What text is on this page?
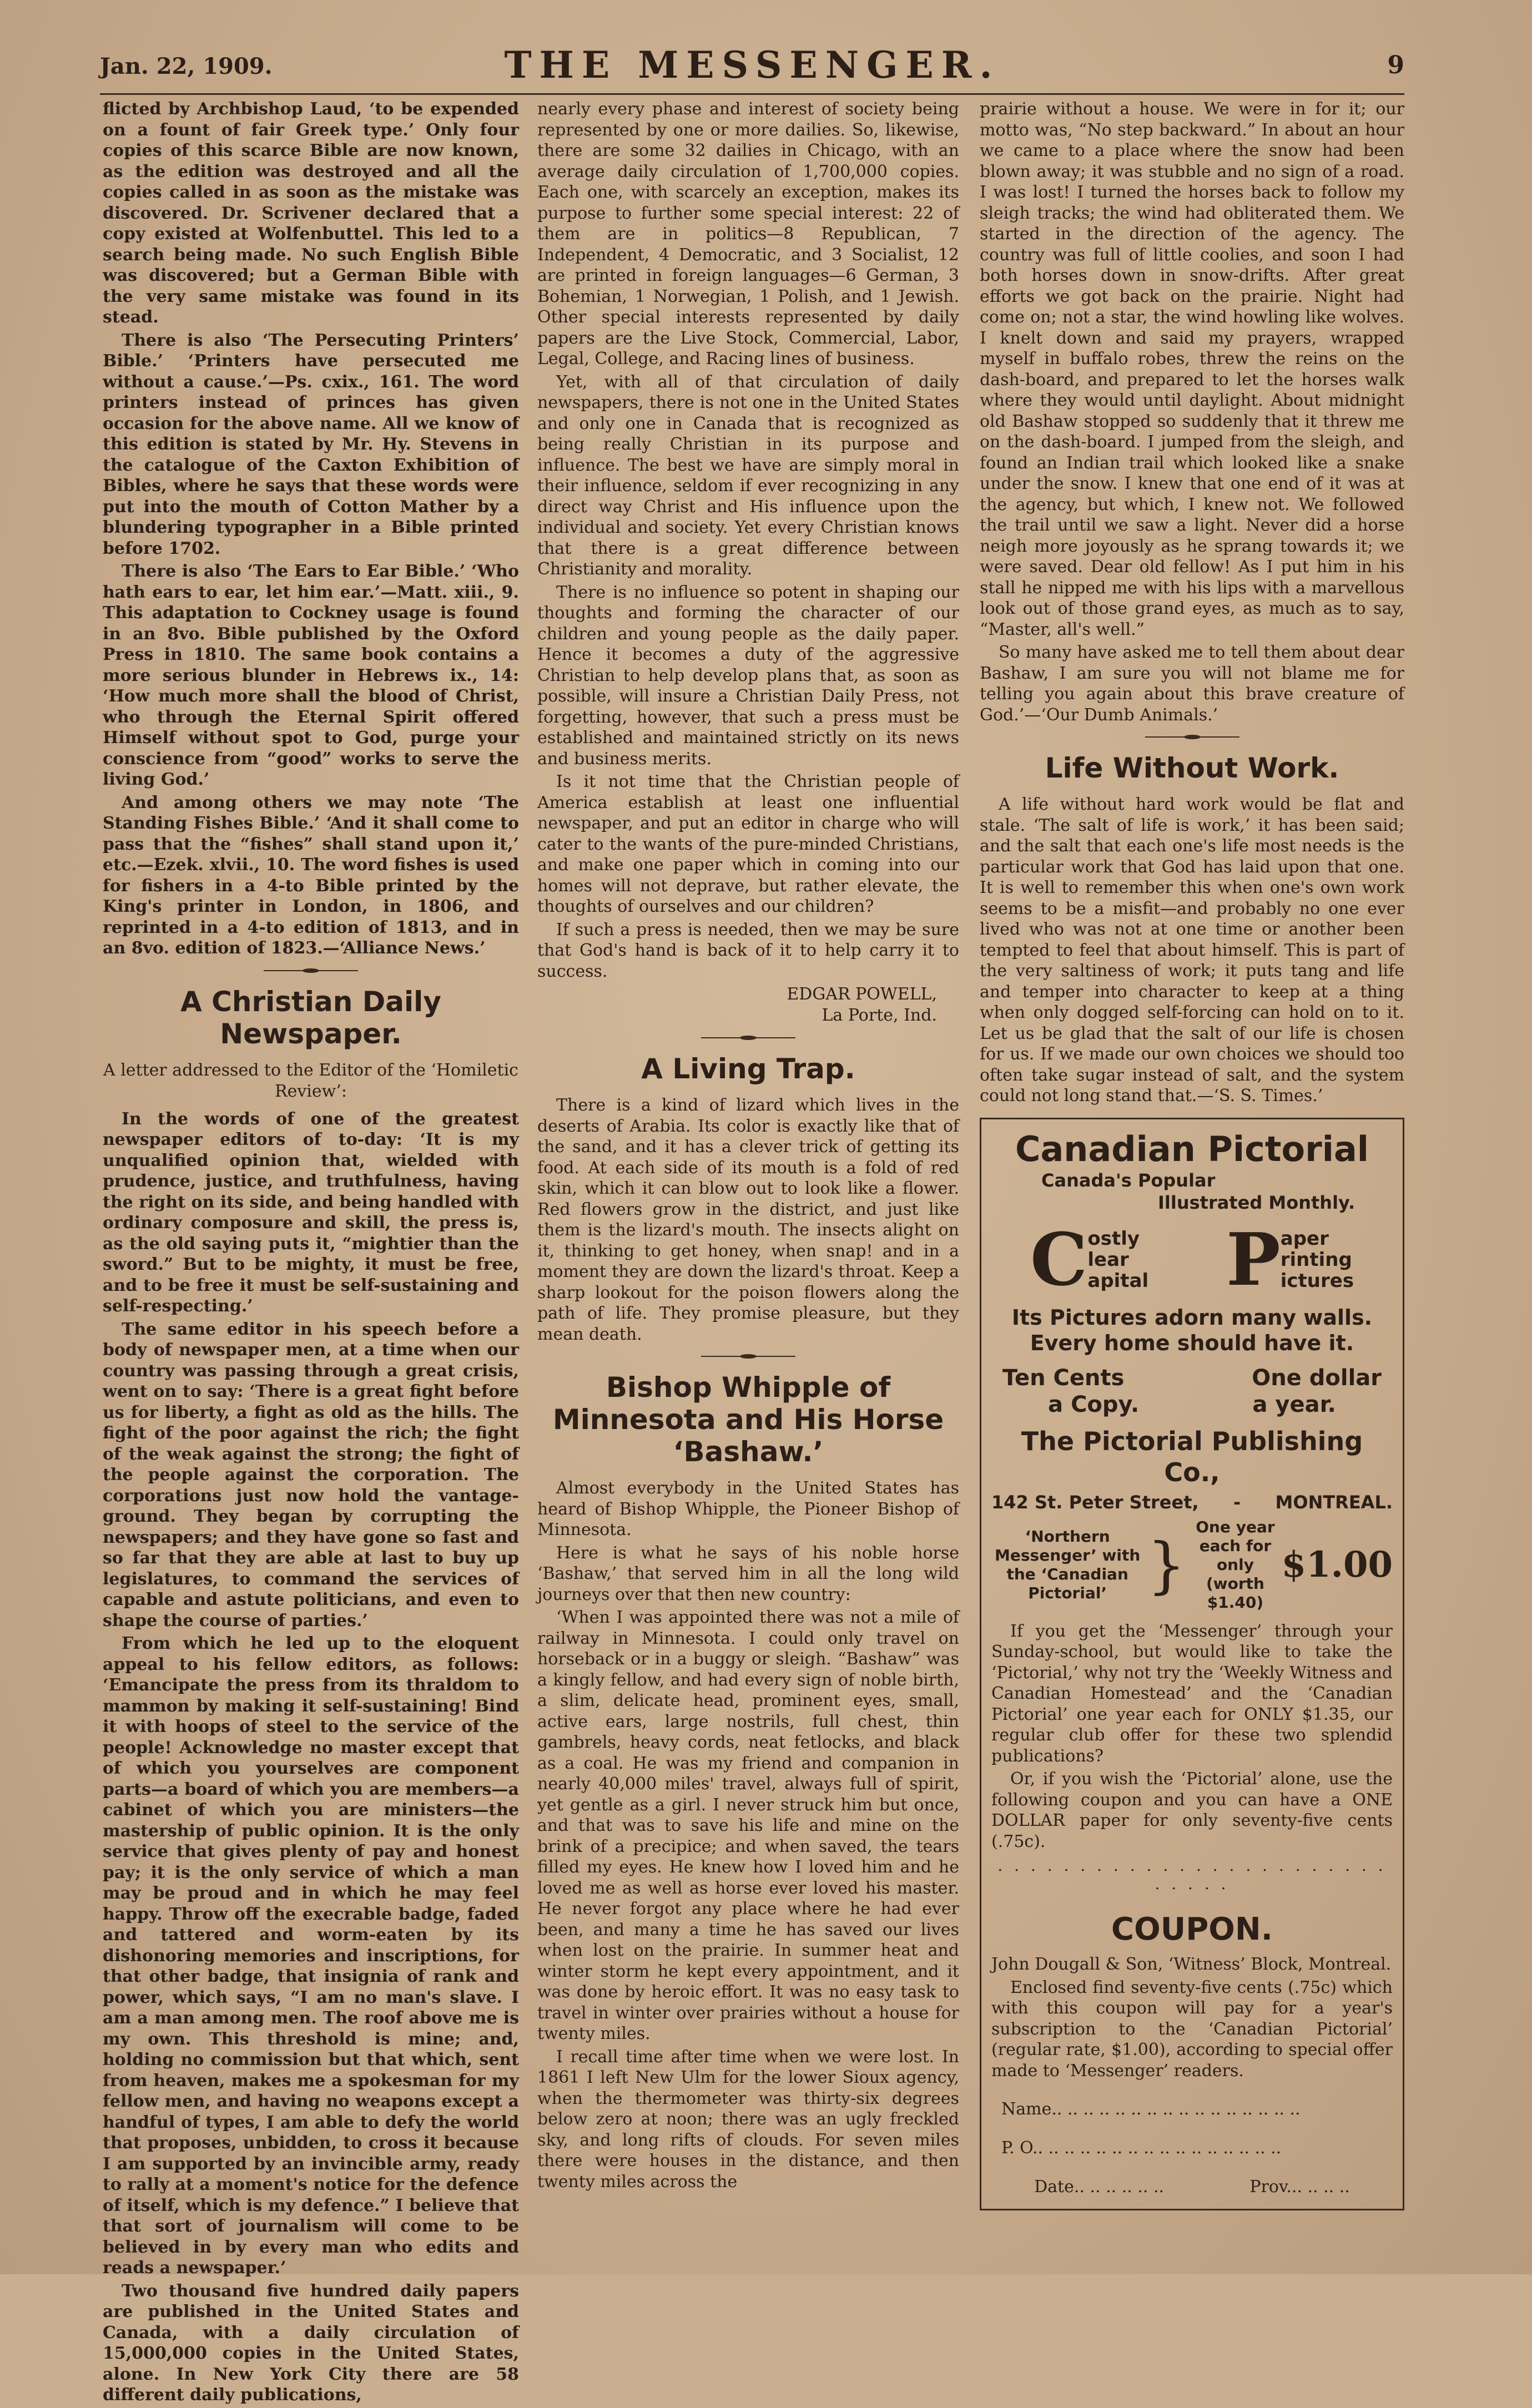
Jan. 22, 1909.	THE MESSENGER.	9

flicted by Archbishop Laud, ‘to be expended on a fount of fair Greek type.’ Only four copies of this scarce Bible are now known, as the edition was destroyed and all the copies called in as soon as the mistake was discovered. Dr. Scrivener declared that a copy existed at Wolfenbuttel. This led to a search being made. No such English Bible was discovered; but a German Bible with the very same mistake was found in its stead.

There is also ‘The Persecuting Printers’ Bible.’ ‘Printers have persecuted me without a cause.’—Ps. cxix., 161. The word printers instead of princes has given occasion for the above name. All we know of this edition is stated by Mr. Hy. Stevens in the catalogue of the Caxton Exhibition of Bibles, where he says that these words were put into the mouth of Cotton Mather by a blundering typographer in a Bible printed before 1702.

There is also ‘The Ears to Ear Bible.’ ‘Who hath ears to ear, let him ear.’—Matt. xiii., 9. This adaptation to Cockney usage is found in an 8vo. Bible published by the Oxford Press in 1810. The same book contains a more serious blunder in Hebrews ix., 14: ‘How much more shall the blood of Christ, who through the Eternal Spirit offered Himself without spot to God, purge your conscience from “good” works to serve the living God.’

And among others we may note ‘The Standing Fishes Bible.’ ‘And it shall come to pass that the “fishes” shall stand upon it,’ etc.—Ezek. xlvii., 10. The word fishes is used for fishers in a 4-to Bible printed by the King's printer in London, in 1806, and reprinted in a 4-to edition of 1813, and in an 8vo. edition of 1823.—‘Alliance News.’

A Christian Daily Newspaper.
A letter addressed to the Editor of the ‘Homiletic Review’:

In the words of one of the greatest newspaper editors of to-day: ‘It is my unqualified opinion that, wielded with prudence, justice, and truthfulness, having the right on its side, and being handled with ordinary composure and skill, the press is, as the old saying puts it, “mightier than the sword.” But to be mighty, it must be free, and to be free it must be self-sustaining and self-respecting.’

The same editor in his speech before a body of newspaper men, at a time when our country was passing through a great crisis, went on to say: ‘There is a great fight before us for liberty, a fight as old as the hills. The fight of the poor against the rich; the fight of the weak against the strong; the fight of the people against the corporation. The corporations just now hold the vantage-ground. They began by corrupting the newspapers; and they have gone so fast and so far that they are able at last to buy up legislatures, to command the services of capable and astute politicians, and even to shape the course of parties.’

From which he led up to the eloquent appeal to his fellow editors, as follows: ‘Emancipate the press from its thraldom to mammon by making it self-sustaining! Bind it with hoops of steel to the service of the people! Acknowledge no master except that of which you yourselves are component parts—a board of which you are members—a cabinet of which you are ministers—the mastership of public opinion. It is the only service that gives plenty of pay and honest pay; it is the only service of which a man may be proud and in which he may feel happy. Throw off the execrable badge, faded and tattered and worm-eaten by its dishonoring memories and inscriptions, for that other badge, that insignia of rank and power, which says, “I am no man's slave. I am a man among men. The roof above me is my own. This threshold is mine; and, holding no commission but that which, sent from heaven, makes me a spokesman for my fellow men, and having no weapons except a handful of types, I am able to defy the world that proposes, unbidden, to cross it because I am supported by an invincible army, ready to rally at a moment's notice for the defence of itself, which is my defence.” I believe that that sort of journalism will come to be believed in by every man who edits and reads a newspaper.’

Two thousand five hundred daily papers are published in the United States and Canada, with a daily circulation of 15,000,000 copies in the United States, alone. In New York City there are 58 different daily publications,

nearly every phase and interest of society being represented by one or more dailies. So, likewise, there are some 32 dailies in Chicago, with an average daily circulation of 1,700,000 copies. Each one, with scarcely an exception, makes its purpose to further some special interest: 22 of them are in politics—8 Republican, 7 Independent, 4 Democratic, and 3 Socialist, 12 are printed in foreign languages—6 German, 3 Bohemian, 1 Norwegian, 1 Polish, and 1 Jewish. Other special interests represented by daily papers are the Live Stock, Commercial, Labor, Legal, College, and Racing lines of business.

Yet, with all of that circulation of daily newspapers, there is not one in the United States and only one in Canada that is recognized as being really Christian in its purpose and influence. The best we have are simply moral in their influence, seldom if ever recognizing in any direct way Christ and His influence upon the individual and society. Yet every Christian knows that there is a great difference between Christianity and morality.

There is no influence so potent in shaping our thoughts and forming the character of our children and young people as the daily paper. Hence it becomes a duty of the aggressive Christian to help develop plans that, as soon as possible, will insure a Christian Daily Press, not forgetting, however, that such a press must be established and maintained strictly on its news and business merits.

Is it not time that the Christian people of America establish at least one influential newspaper, and put an editor in charge who will cater to the wants of the pure-minded Christians, and make one paper which in coming into our homes will not deprave, but rather elevate, the thoughts of ourselves and our children?

If such a press is needed, then we may be sure that God's hand is back of it to help carry it to success.

EDGAR POWELL,
La Porte, Ind.
A Living Trap.

There is a kind of lizard which lives in the deserts of Arabia. Its color is exactly like that of the sand, and it has a clever trick of getting its food. At each side of its mouth is a fold of red skin, which it can blow out to look like a flower. Red flowers grow in the district, and just like them is the lizard's mouth. The insects alight on it, thinking to get honey, when snap! and in a moment they are down the lizard's throat. Keep a sharp lookout for the poison flowers along the path of life. They promise pleasure, but they mean death.

Bishop Whipple of Minnesota and His Horse ‘Bashaw.’

Almost everybody in the United States has heard of Bishop Whipple, the Pioneer Bishop of Minnesota.

Here is what he says of his noble horse ‘Bashaw,’ that served him in all the long wild journeys over that then new country:

‘When I was appointed there was not a mile of railway in Minnesota. I could only travel on horseback or in a buggy or sleigh. “Bashaw” was a kingly fellow, and had every sign of noble birth, a slim, delicate head, prominent eyes, small, active ears, large nostrils, full chest, thin gambrels, heavy cords, neat fetlocks, and black as a coal. He was my friend and companion in nearly 40,000 miles' travel, always full of spirit, yet gentle as a girl. I never struck him but once, and that was to save his life and mine on the brink of a precipice; and when saved, the tears filled my eyes. He knew how I loved him and he loved me as well as horse ever loved his master. He never forgot any place where he had ever been, and many a time he has saved our lives when lost on the prairie. In summer heat and winter storm he kept every appointment, and it was done by heroic effort. It was no easy task to travel in winter over prairies without a house for twenty miles.

I recall time after time when we were lost. In 1861 I left New Ulm for the lower Sioux agency, when the thermometer was thirty-six degrees below zero at noon; there was an ugly freckled sky, and long rifts of clouds. For seven miles there were houses in the distance, and then twenty miles across the

prairie without a house. We were in for it; our motto was, “No step backward.” In about an hour we came to a place where the snow had been blown away; it was stubble and no sign of a road. I was lost! I turned the horses back to follow my sleigh tracks; the wind had obliterated them. We started in the direction of the agency. The country was full of little coolies, and soon I had both horses down in snow-drifts. After great efforts we got back on the prairie. Night had come on; not a star, the wind howling like wolves. I knelt down and said my prayers, wrapped myself in buffalo robes, threw the reins on the dash-board, and prepared to let the horses walk where they would until daylight. About midnight old Bashaw stopped so suddenly that it threw me on the dash-board. I jumped from the sleigh, and found an Indian trail which looked like a snake under the snow. I knew that one end of it was at the agency, but which, I knew not. We followed the trail until we saw a light. Never did a horse neigh more joyously as he sprang towards it; we were saved. Dear old fellow! As I put him in his stall he nipped me with his lips with a marvellous look out of those grand eyes, as much as to say, “Master, all's well.”

So many have asked me to tell them about dear Bashaw, I am sure you will not blame me for telling you again about this brave creature of God.’—‘Our Dumb Animals.’

Life Without Work.

A life without hard work would be flat and stale. ‘The salt of life is work,’ it has been said; and the salt that each one's life most needs is the particular work that God has laid upon that one. It is well to remember this when one's own work seems to be a misfit—and probably no one ever lived who was not at one time or another been tempted to feel that about himself. This is part of the very saltiness of work; it puts tang and life and temper into character to keep at a thing when only dogged self-forcing can hold on to it. Let us be glad that the salt of our life is chosen for us. If we made our own choices we should too often take sugar instead of salt, and the system could not long stand that.—‘S. S. Times.’

Canadian Pictorial
Canada's Popular
Illustrated Monthly.
C ostly
lear
apital P aper
rinting
ictures
Its Pictures adorn many walls.
Every home should have it.
Ten Cents	One dollar
a Copy.	a year.
The Pictorial Publishing Co.,
142 St. Peter Street, - MONTREAL.
‘Northern Messenger’ with the ‘Canadian Pictorial’ }
One year each for only
(worth $1.40)
$1.00

If you get the ‘Messenger’ through your Sunday-school, but would like to take the ‘Pictorial,’ why not try the ‘Weekly Witness and Canadian Homestead’ and the ‘Canadian Pictorial’ one year each for ONLY $1.35, our regular club offer for these two splendid publications?

Or, if you wish the ‘Pictorial’ alone, use the following coupon and you can have a ONE DOLLAR paper for only seventy-five cents (.75c).

. . . . . . . . . . . . . . . . . . . . . . . . . . . . .
COUPON.

John Dougall & Son, ‘Witness’ Block, Montreal.

Enclosed find seventy-five cents (.75c) which with this coupon will pay for a year's subscription to the ‘Canadian Pictorial’ (regular rate, $1.00), according to special offer made to ‘Messenger’ readers.

Name.. .. .. .. .. .. .. .. .. .. .. .. .. .. .. ..
P. O.. .. .. .. .. .. .. .. .. .. .. .. .. .. .. ..
Date.. .. .. .. .. ..	Prov... .. .. ..
